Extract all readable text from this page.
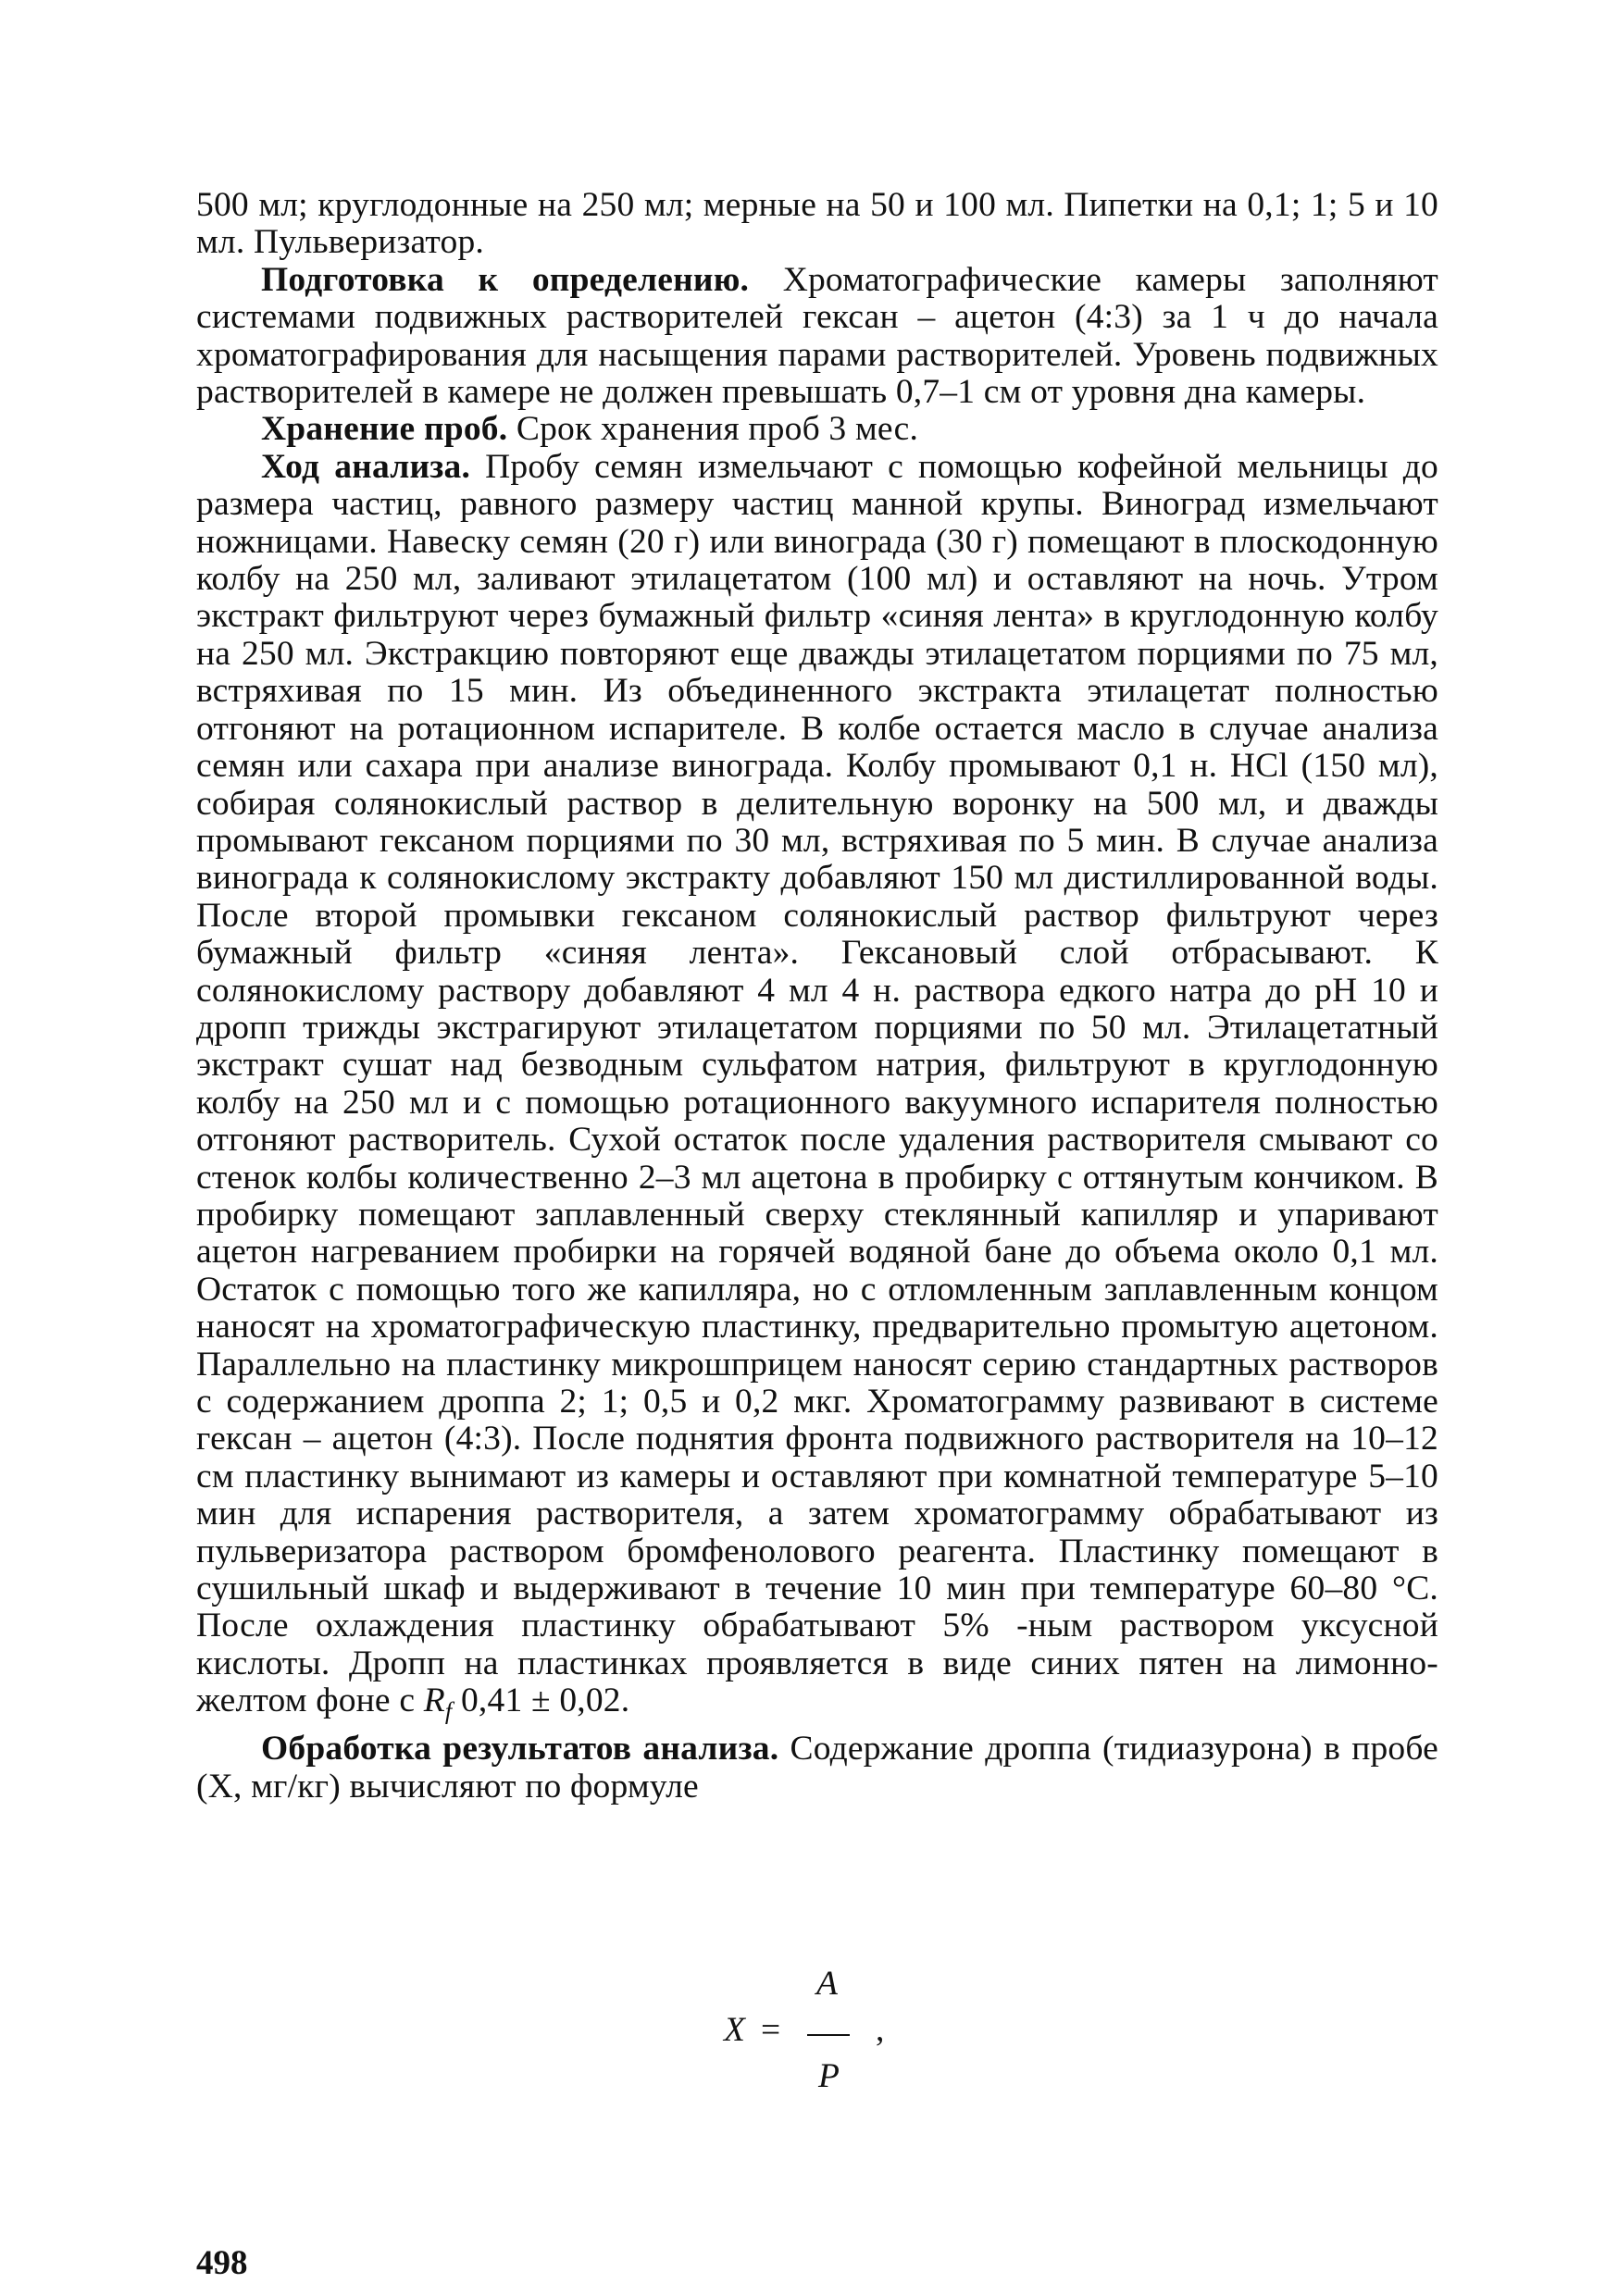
500 мл; круглодонные на 250 мл; мерные на 50 и 100 мл. Пипетки на 0,1; 1; 5 и 10 мл. Пульверизатор.

Подготовка к определению. Хроматографические камеры заполняют системами подвижных растворителей гексан – ацетон (4:3) за 1 ч до начала хроматографирования для насыщения парами растворителей. Уровень подвижных растворителей в камере не должен превышать 0,7–1 см от уровня дна камеры.

Хранение проб. Срок хранения проб 3 мес.

Ход анализа. Пробу семян измельчают с помощью кофейной мельницы до размера частиц, равного размеру частиц манной крупы. Виноград измельчают ножницами. Навеску семян (20 г) или винограда (30 г) помещают в плоскодонную колбу на 250 мл, заливают этилацетатом (100 мл) и оставляют на ночь. Утром экстракт фильтруют через бумажный фильтр «синяя лента» в круглодонную колбу на 250 мл. Экстракцию повторяют еще дважды этилацетатом порциями по 75 мл, встряхивая по 15 мин. Из объединенного экстракта этилацетат полностью отгоняют на ротационном испарителе. В колбе остается масло в случае анализа семян или сахара при анализе винограда. Колбу промывают 0,1 н. HCl (150 мл), собирая солянокислый раствор в делительную воронку на 500 мл, и дважды промывают гексаном порциями по 30 мл, встряхивая по 5 мин. В случае анализа винограда к солянокислому экстракту добавляют 150 мл дистиллированной воды. После второй промывки гексаном солянокислый раствор фильтруют через бумажный фильтр «синяя лента». Гексановый слой отбрасывают. К солянокислому раствору добавляют 4 мл 4 н. раствора едкого натра до pH 10 и дропп трижды экстрагируют этилацетатом порциями по 50 мл. Этилацетатный экстракт сушат над безводным сульфатом натрия, фильтруют в круглодонную колбу на 250 мл и с помощью ротационного вакуумного испарителя полностью отгоняют растворитель. Сухой остаток после удаления растворителя смывают со стенок колбы количественно 2–3 мл ацетона в пробирку с оттянутым кончиком. В пробирку помещают заплавленный сверху стеклянный капилляр и упаривают ацетон нагреванием пробирки на горячей водяной бане до объема около 0,1 мл. Остаток с помощью того же капилляра, но с отломленным заплавленным концом наносят на хроматографическую пластинку, предварительно промытую ацетоном. Параллельно на пластинку микрошприцем наносят серию стандартных растворов с содержанием дроппа 2; 1; 0,5 и 0,2 мкг. Хроматограмму развивают в системе гексан – ацетон (4:3). После поднятия фронта подвижного растворителя на 10–12 см пластинку вынимают из камеры и оставляют при комнатной температуре 5–10 мин для испарения растворителя, а затем хроматограмму обрабатывают из пульверизатора раствором бромфенолового реагента. Пластинку помещают в сушильный шкаф и выдерживают в течение 10 мин при температуре 60–80 °С. После охлаждения пластинку обрабатывают 5% -ным раствором уксусной кислоты. Дропп на пластинках проявляется в виде синих пятен на лимонно-желтом фоне с $R_f$ 0,41 ± 0,02.

Обработка результатов анализа. Содержание дроппа (тидиазурона) в пробе (X, мг/кг) вычисляют по формуле

X =
A
P
,
498
